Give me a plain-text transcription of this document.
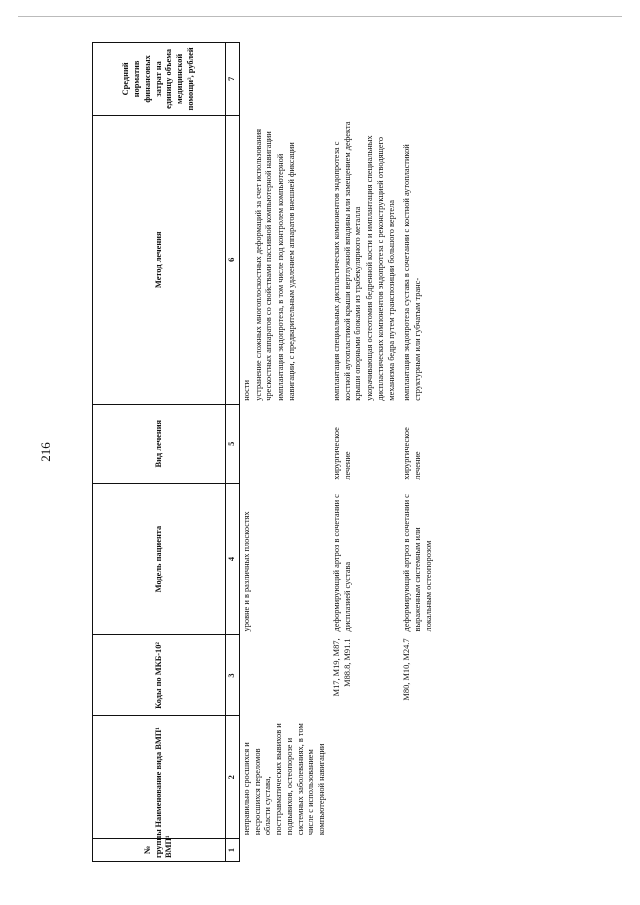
216
№ группы ВМП¹	Наименование вида ВМП¹	Коды по МКБ-10²	Модель пациента	Вид лечения	Метод лечения	Средний норматив финансовых затрат на единицу объема медицинской помощи³, рублей
1	2	3	4	5	6	7
	неправильно сросшихся и несросшихся переломов области сустава, посттравматических вывихов и подвывихов, остеопорозе и системных заболеваниях, в том числе с использованием компьютерной навигации		уровне и в различных плоскостях		ности устранение сложных многоплоскостных деформаций за счет использования чрескостных аппаратов со свойствами пассивной компьютерной навигации имплантация эндопротеза, в том числе под контролем компьютерной навигации, с предварительным удалением аппаратов внешней фиксации	

		M17, M19, M87, M88.8, M91.1	деформирующий артроз в сочетании с дисплазией сустава	хирургическое лечение	имплантация специальных диспластических компонентов эндопротеза с костной аутопластикой крыши вертлужной впадины или замещением дефекта крыши опорными блоками из трабекулярного металла укорачивающая остеотомия бедренной кости и имплантация специальных диспластических компонентов эндопротеза с реконструкцией отводящего механизма бедра путем транспозиции большого вертела	

		M80, M10, M24.7	деформирующий артроз в сочетании с выраженным системным или локальным остеопорозом	хирургическое лечение	имплантация эндопротеза сустава в сочетании с костной аутопластикой структурным или губчатым транс-	
